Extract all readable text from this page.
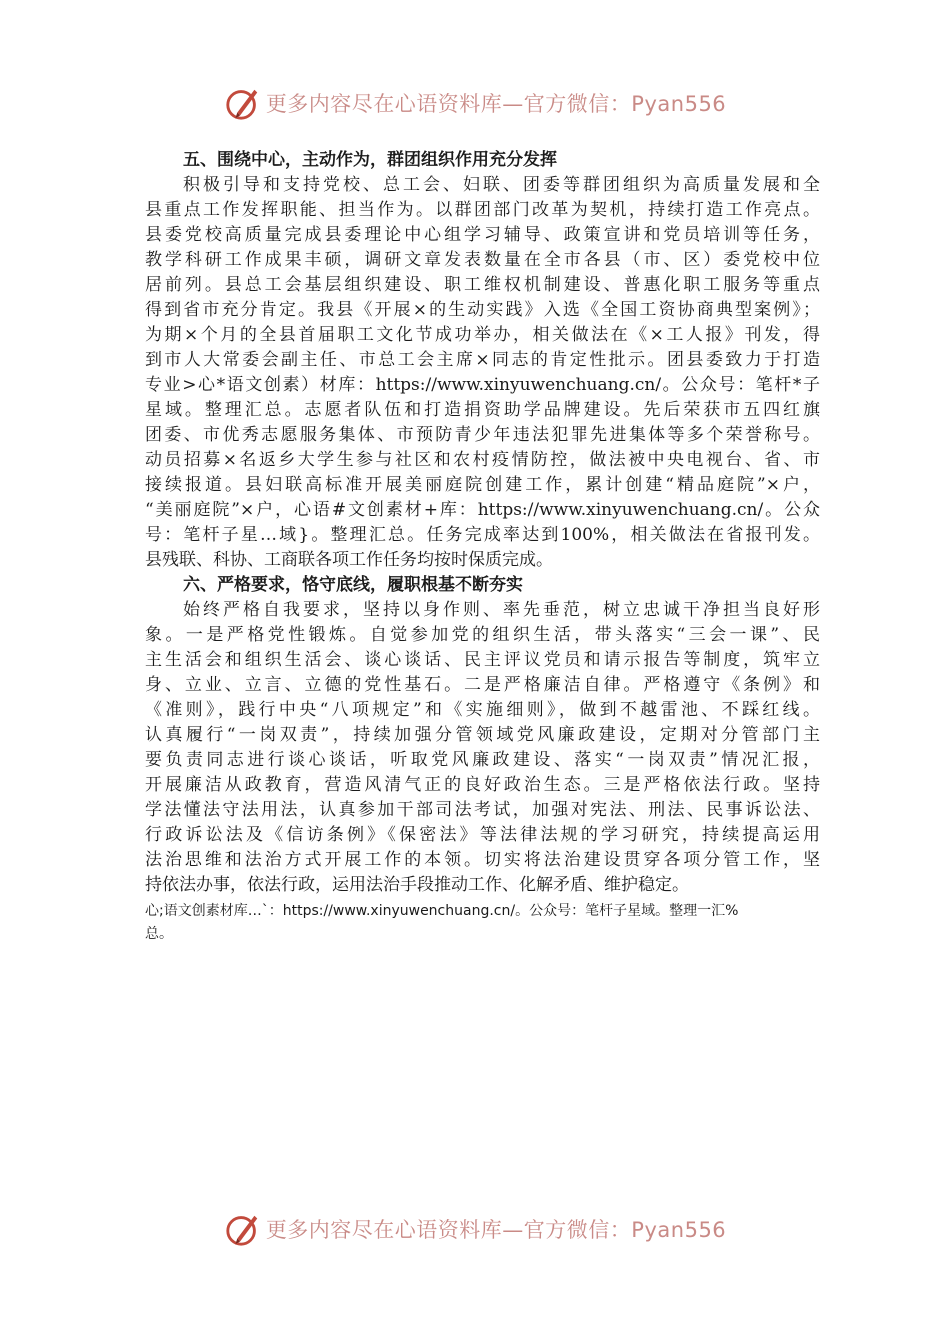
更多内容尽在心语资料库—官方微信：Pyan556
五、围绕中心，主动作为，群团组织作用充分发挥
积极引导和支持党校、总工会、妇联、团委等群团组织为高质量发展和全
县重点工作发挥职能、担当作为。以群团部门改革为契机，持续打造工作亮点。
县委党校高质量完成县委理论中心组学习辅导、政策宣讲和党员培训等任务，
教学科研工作成果丰硕，调研文章发表数量在全市各县（市、区）委党校中位
居前列。县总工会基层组织建设、职工维权机制建设、普惠化职工服务等重点
得到省市充分肯定。我县《开展×的生动实践》入选《全国工资协商典型案例》；
为期×个月的全县首届职工文化节成功举办，相关做法在《×工人报》刊发，得
到市人大常委会副主任、市总工会主席×同志的肯定性批示。团县委致力于打造
专业>心*语文创素）材库：https://www.xinyuwenchuang.cn/。公众号：笔杆*子
星域。整理汇总。志愿者队伍和打造捐资助学品牌建设。先后荣获市五四红旗
团委、市优秀志愿服务集体、市预防青少年违法犯罪先进集体等多个荣誉称号。
动员招募×名返乡大学生参与社区和农村疫情防控，做法被中央电视台、省、市
接续报道。县妇联高标准开展美丽庭院创建工作，累计创建“精品庭院”×户，
“美丽庭院”×户，心语#文创素材+库：https://www.xinyuwenchuang.cn/。公众
号：笔杆子星…域}。整理汇总。任务完成率达到100%，相关做法在省报刊发。
县残联、科协、工商联各项工作任务均按时保质完成。
六、严格要求，恪守底线，履职根基不断夯实
始终严格自我要求，坚持以身作则、率先垂范，树立忠诚干净担当良好形
象。一是严格党性锻炼。自觉参加党的组织生活，带头落实“三会一课”、民
主生活会和组织生活会、谈心谈话、民主评议党员和请示报告等制度，筑牢立
身、立业、立言、立德的党性基石。二是严格廉洁自律。严格遵守《条例》和
《准则》，践行中央“八项规定”和《实施细则》，做到不越雷池、不踩红线。
认真履行“一岗双责”，持续加强分管领域党风廉政建设，定期对分管部门主
要负责同志进行谈心谈话，听取党风廉政建设、落实“一岗双责”情况汇报，
开展廉洁从政教育，营造风清气正的良好政治生态。三是严格依法行政。坚持
学法懂法守法用法，认真参加干部司法考试，加强对宪法、刑法、民事诉讼法、
行政诉讼法及《信访条例》《保密法》等法律法规的学习研究，持续提高运用
法治思维和法治方式开展工作的本领。切实将法治建设贯穿各项分管工作，坚
持依法办事，依法行政，运用法治手段推动工作、化解矛盾、维护稳定。
心;语文创素材库…`：https://www.xinyuwenchuang.cn/。公众号：笔杆子星域。整理一汇%
总。
更多内容尽在心语资料库—官方微信：Pyan556
